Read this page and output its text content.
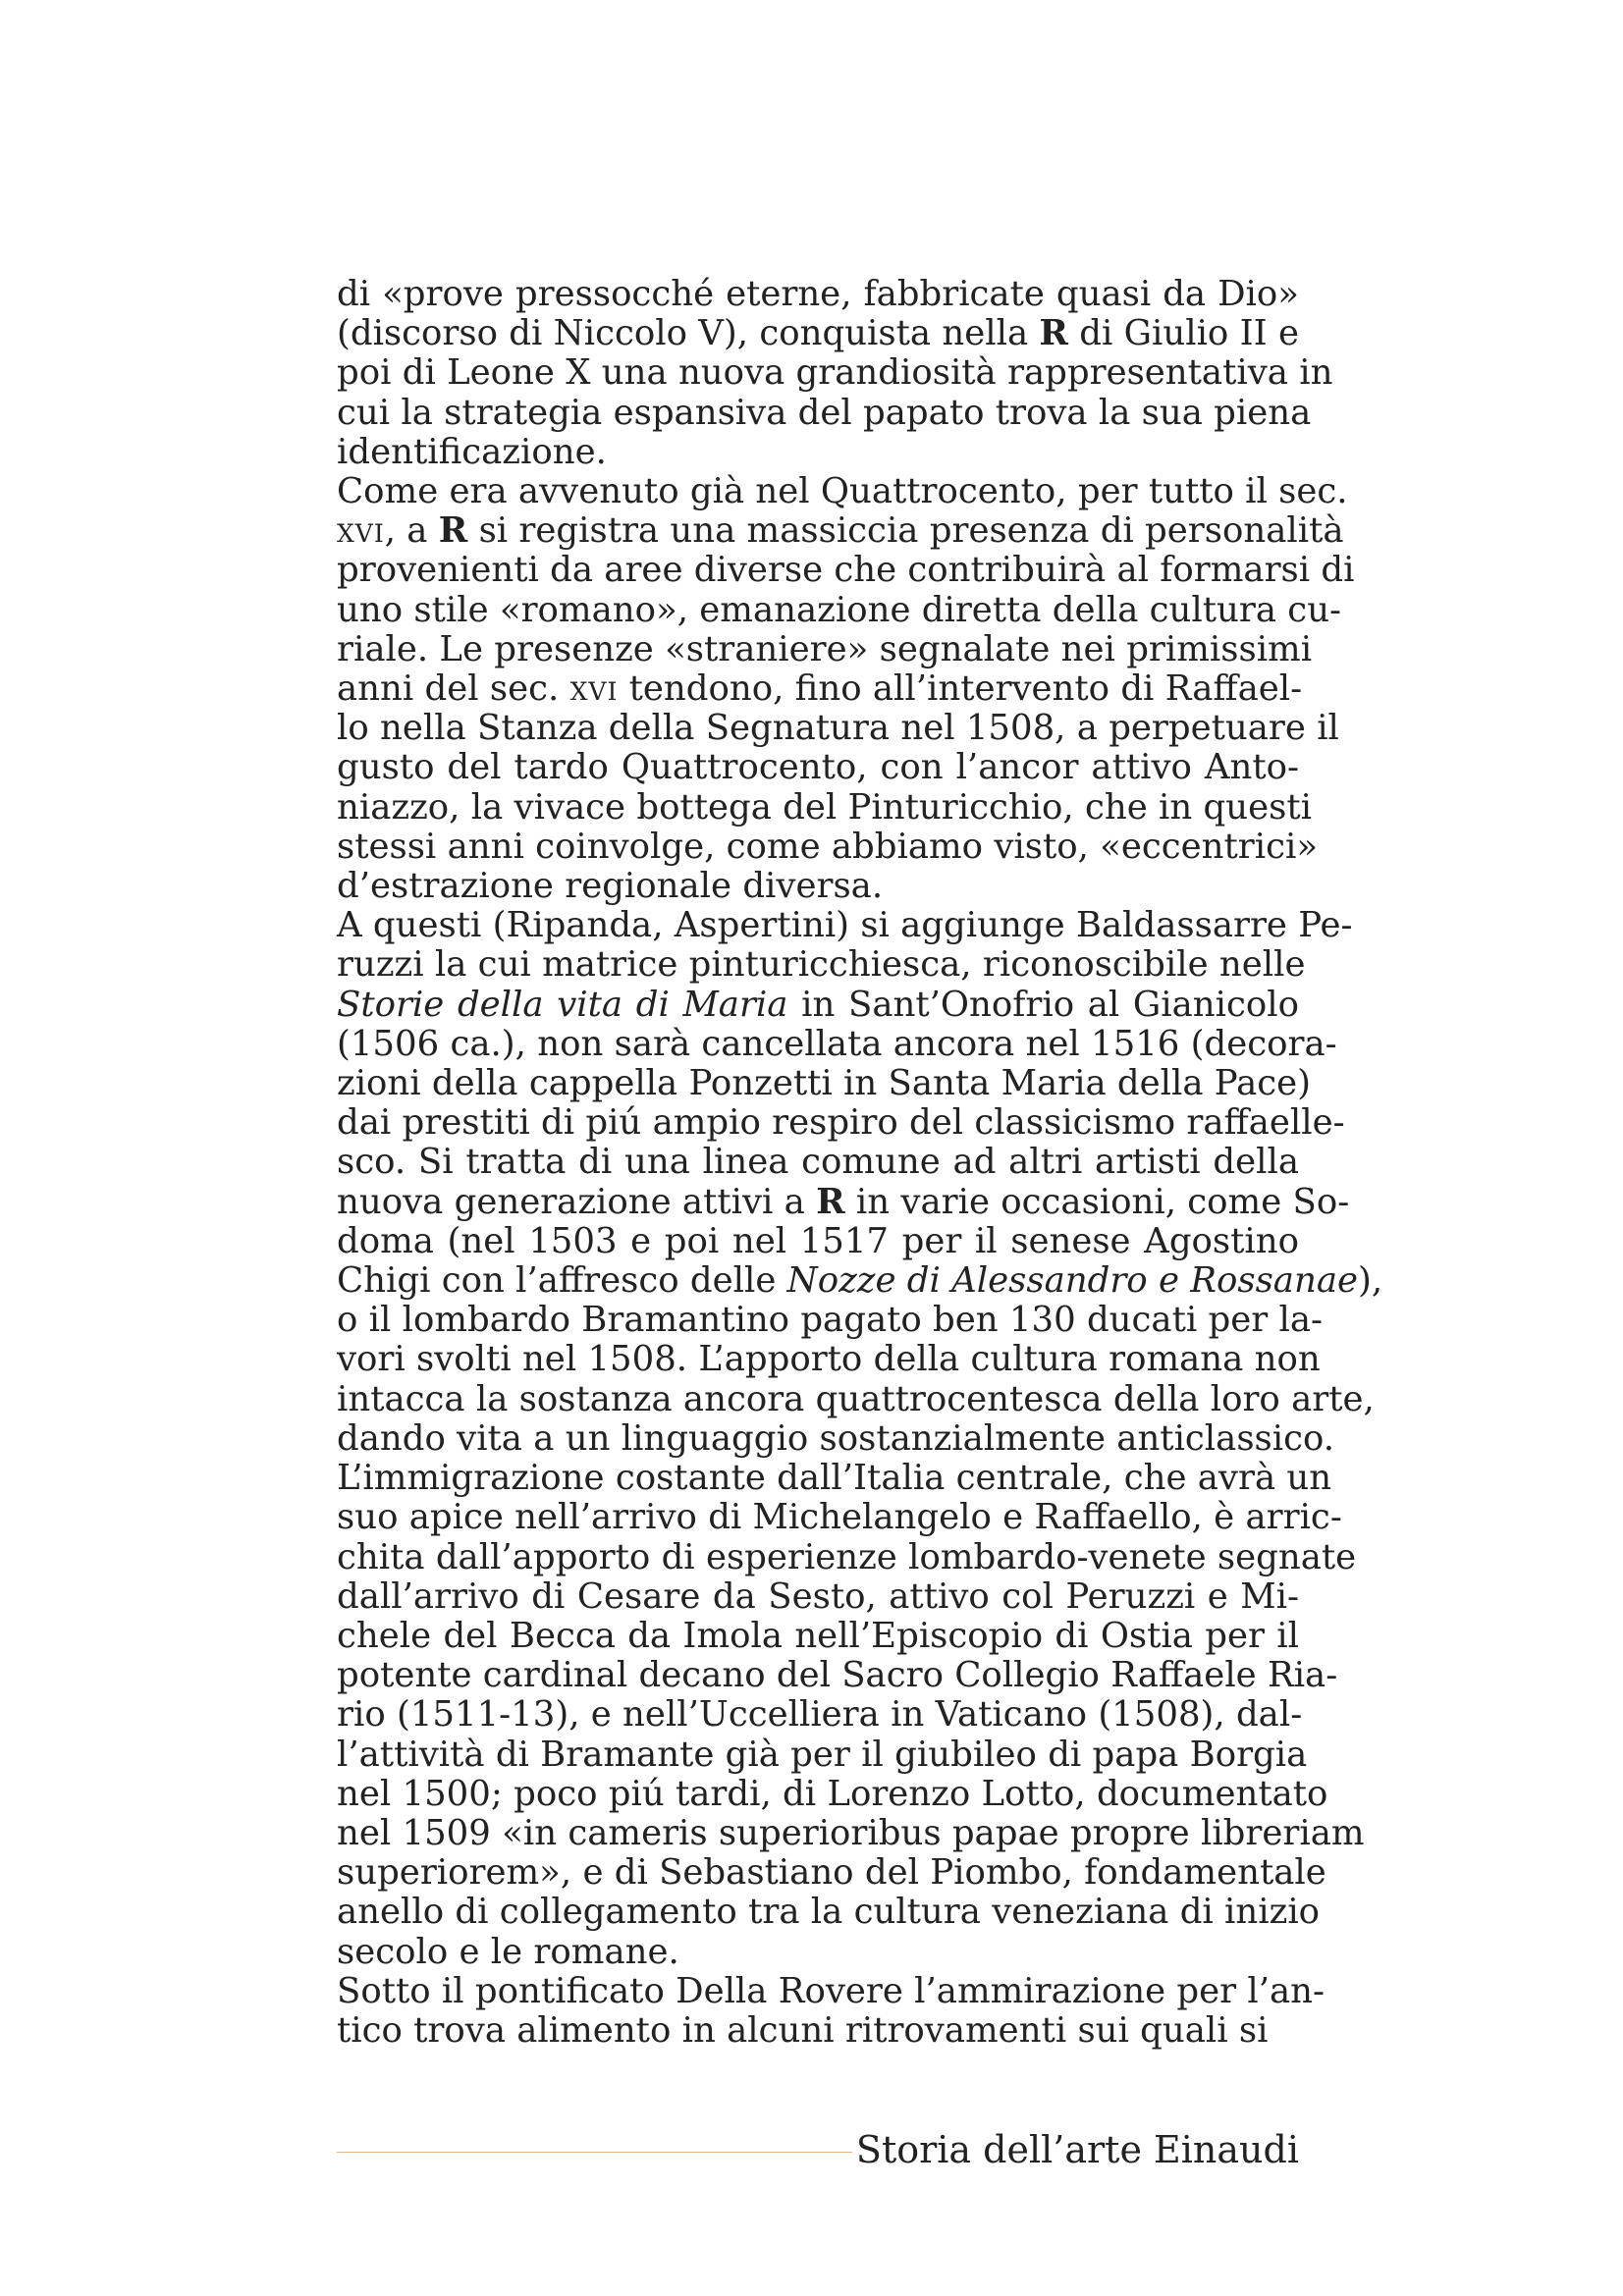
di «prove pressocché eterne, fabbricate quasi da Dio»
(discorso di Niccolo V), conquista nella R di Giulio II e
poi di Leone X una nuova grandiosità rappresentativa in
cui la strategia espansiva del papato trova la sua piena
identificazione.
Come era avvenuto già nel Quattrocento, per tutto il sec.
xvi, a R si registra una massiccia presenza di personalità
provenienti da aree diverse che contribuirà al formarsi di
uno stile «romano», emanazione diretta della cultura cu-
riale. Le presenze «straniere» segnalate nei primissimi
anni del sec. xvi tendono, fino all’intervento di Raffael-
lo nella Stanza della Segnatura nel 1508, a perpetuare il
gusto del tardo Quattrocento, con l’ancor attivo Anto-
niazzo, la vivace bottega del Pinturicchio, che in questi
stessi anni coinvolge, come abbiamo visto, «eccentrici»
d’estrazione regionale diversa.
A questi (Ripanda, Aspertini) si aggiunge Baldassarre Pe-
ruzzi la cui matrice pinturicchiesca, riconoscibile nelle
Storie della vita di Maria in Sant’Onofrio al Gianicolo
(1506 ca.), non sarà cancellata ancora nel 1516 (decora-
zioni della cappella Ponzetti in Santa Maria della Pace)
dai prestiti di piú ampio respiro del classicismo raffaelle-
sco. Si tratta di una linea comune ad altri artisti della
nuova generazione attivi a R in varie occasioni, come So-
doma (nel 1503 e poi nel 1517 per il senese Agostino
Chigi con l’affresco delle Nozze di Alessandro e Rossanae),
o il lombardo Bramantino pagato ben 130 ducati per la-
vori svolti nel 1508. L’apporto della cultura romana non
intacca la sostanza ancora quattrocentesca della loro arte,
dando vita a un linguaggio sostanzialmente anticlassico.
L’immigrazione costante dall’Italia centrale, che avrà un
suo apice nell’arrivo di Michelangelo e Raffaello, è arric-
chita dall’apporto di esperienze lombardo-venete segnate
dall’arrivo di Cesare da Sesto, attivo col Peruzzi e Mi-
chele del Becca da Imola nell’Episcopio di Ostia per il
potente cardinal decano del Sacro Collegio Raffaele Ria-
rio (1511-13), e nell’Uccelliera in Vaticano (1508), dal-
l’attività di Bramante già per il giubileo di papa Borgia
nel 1500; poco piú tardi, di Lorenzo Lotto, documentato
nel 1509 «in cameris superioribus papae propre libreriam
superiorem», e di Sebastiano del Piombo, fondamentale
anello di collegamento tra la cultura veneziana di inizio
secolo e le romane.
Sotto il pontificato Della Rovere l’ammirazione per l’an-
tico trova alimento in alcuni ritrovamenti sui quali si
Storia dell’arte Einaudi
